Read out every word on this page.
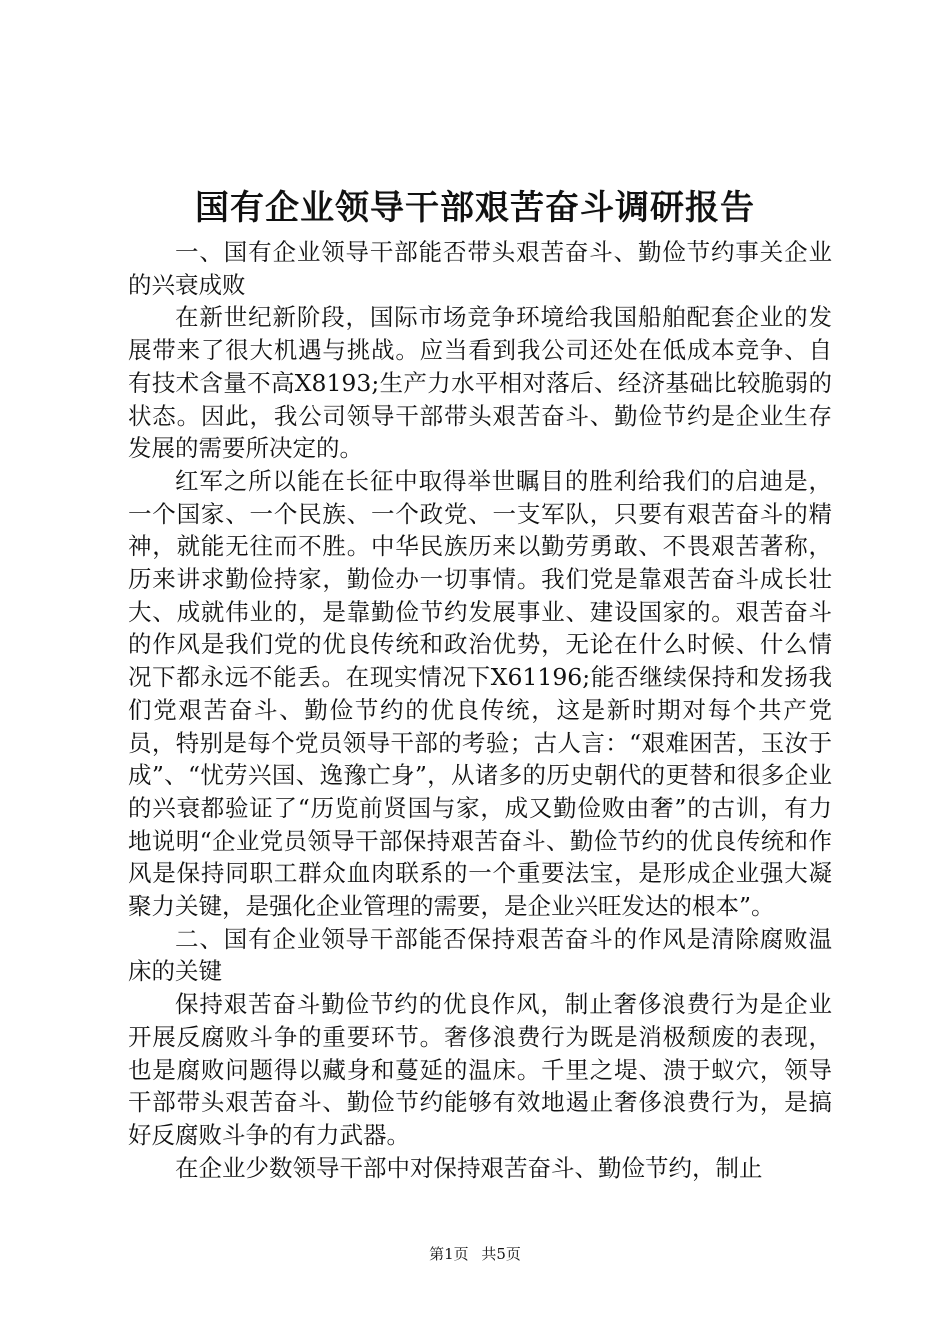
国有企业领导干部艰苦奋斗调研报告

一、国有企业领导干部能否带头艰苦奋斗、勤俭节约事关企业的兴衰成败

在新世纪新阶段，国际市场竞争环境给我国船舶配套企业的发展带来了很大机遇与挑战。应当看到我公司还处在低成本竞争、自有技术含量不高X8193;生产力水平相对落后、经济基础比较脆弱的状态。因此，我公司领导干部带头艰苦奋斗、勤俭节约是企业生存发展的需要所决定的。

红军之所以能在长征中取得举世瞩目的胜利给我们的启迪是，一个国家、一个民族、一个政党、一支军队，只要有艰苦奋斗的精神，就能无往而不胜。中华民族历来以勤劳勇敢、不畏艰苦著称，历来讲求勤俭持家，勤俭办一切事情。我们党是靠艰苦奋斗成长壮大、成就伟业的，是靠勤俭节约发展事业、建设国家的。艰苦奋斗的作风是我们党的优良传统和政治优势，无论在什么时候、什么情况下都永远不能丢。在现实情况下X61196;能否继续保持和发扬我们党艰苦奋斗、勤俭节约的优良传统，这是新时期对每个共产党员，特别是每个党员领导干部的考验；古人言：“艰难困苦，玉汝于成”、“忧劳兴国、逸豫亡身”，从诸多的历史朝代的更替和很多企业的兴衰都验证了“历览前贤国与家，成又勤俭败由奢”的古训，有力地说明“企业党员领导干部保持艰苦奋斗、勤俭节约的优良传统和作风是保持同职工群众血肉联系的一个重要法宝，是形成企业强大凝聚力关键，是强化企业管理的需要，是企业兴旺发达的根本”。

二、国有企业领导干部能否保持艰苦奋斗的作风是清除腐败温床的关键

保持艰苦奋斗勤俭节约的优良作风，制止奢侈浪费行为是企业开展反腐败斗争的重要环节。奢侈浪费行为既是消极颓废的表现，也是腐败问题得以藏身和蔓延的温床。千里之堤、溃于蚁穴，领导干部带头艰苦奋斗、勤俭节约能够有效地遏止奢侈浪费行为，是搞好反腐败斗争的有力武器。

在企业少数领导干部中对保持艰苦奋斗、勤俭节约，制止

第1页 共5页
